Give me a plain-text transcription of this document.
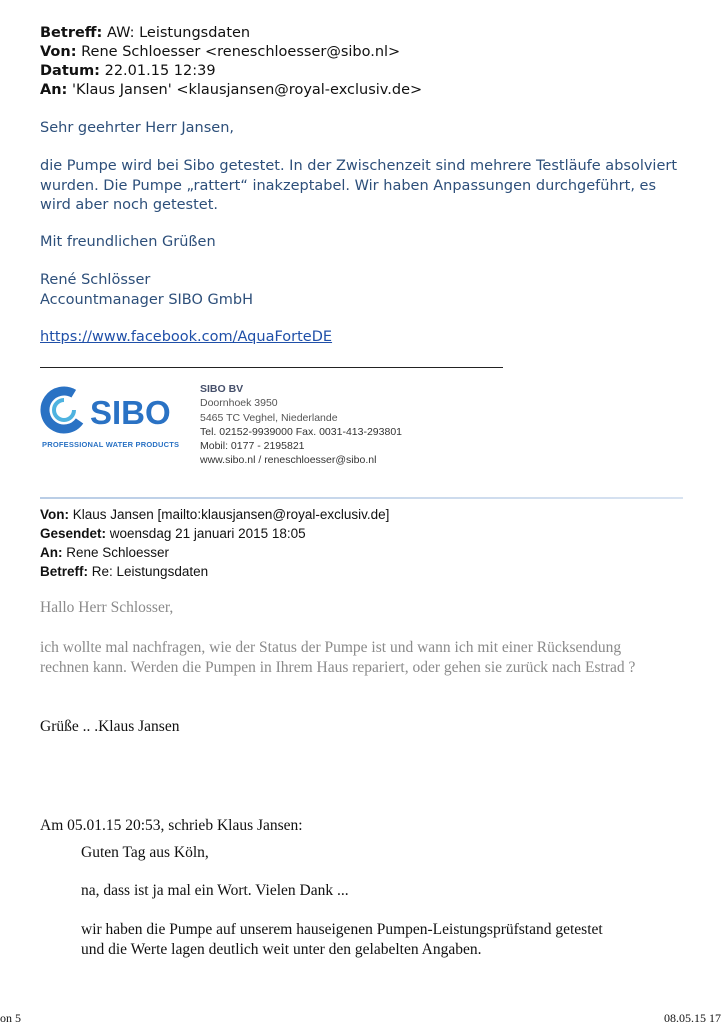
Betreff: AW: Leistungsdaten
Von: Rene Schloesser <reneschloesser@sibo.nl>
Datum: 22.01.15 12:39
An: 'Klaus Jansen' <klausjansen@royal-exclusiv.de>
Sehr geehrter Herr Jansen,
die Pumpe wird bei Sibo getestet. In der Zwischenzeit sind mehrere Testläufe absolviert
wurden. Die Pumpe „rattert“ inakzeptabel. Wir haben Anpassungen durchgeführt, es
wird aber noch getestet.
Mit freundlichen Grüßen
René Schlösser
Accountmanager SIBO GmbH
https://www.facebook.com/AquaForteDE
SIBO
PROFESSIONAL WATER PRODUCTS
SIBO BV
Doornhoek 3950
5465 TC Veghel, Niederlande
Tel. 02152-9939000 Fax. 0031-413-293801
Mobil: 0177 - 2195821
www.sibo.nl / reneschloesser@sibo.nl
Von: Klaus Jansen [mailto:klausjansen@royal-exclusiv.de]
Gesendet: woensdag 21 januari 2015 18:05
An: Rene Schloesser
Betreff: Re: Leistungsdaten
Hallo Herr Schlosser,
ich wollte mal nachfragen, wie der Status der Pumpe ist und wann ich mit einer Rücksendung
rechnen kann. Werden die Pumpen in Ihrem Haus repariert, oder gehen sie zurück nach Estrad ?
Grüße .. .Klaus Jansen
Am 05.01.15 20:53, schrieb Klaus Jansen:
Guten Tag aus Köln,
na, dass ist ja mal ein Wort. Vielen Dank ...
wir haben die Pumpe auf unserem hauseigenen Pumpen-Leistungsprüfstand getestet
und die Werte lagen deutlich weit unter den gelabelten Angaben.
on 5	08.05.15 17
